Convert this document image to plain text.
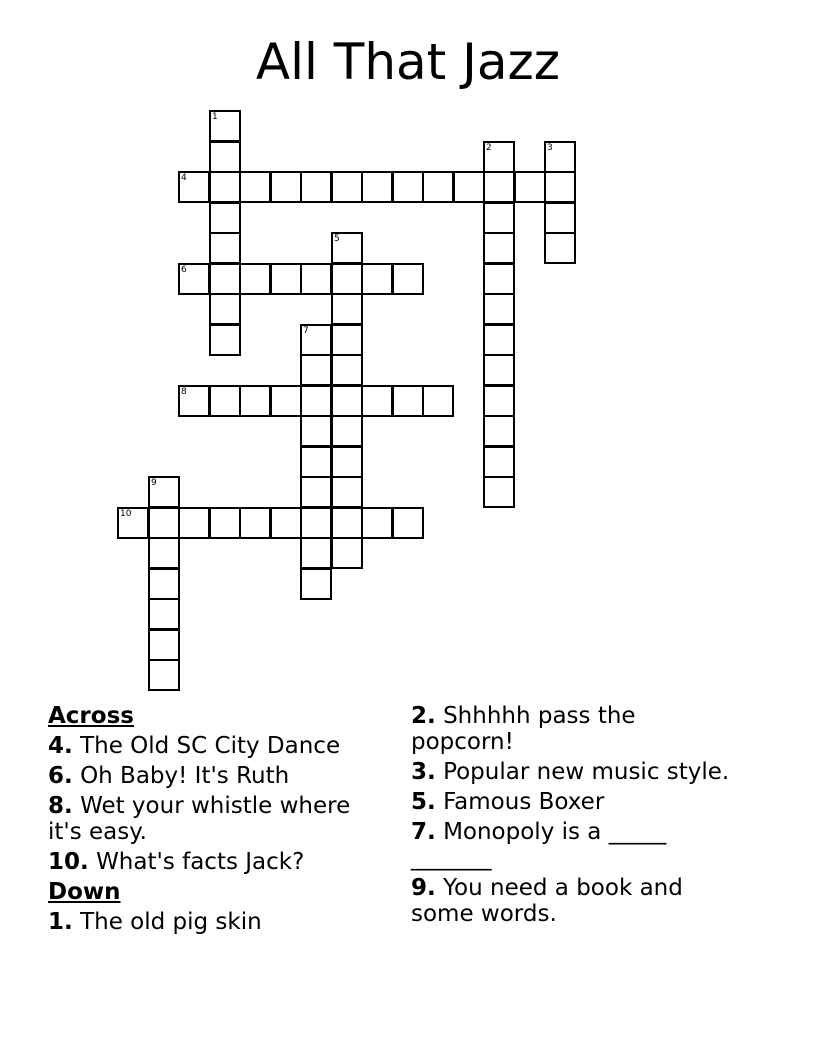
All That Jazz
1
2	3
4
5
6
7
8
9
10
Across
4. The Old SC City Dance
6. Oh Baby! It's Ruth
8. Wet your whistle where it's easy.
10. What's facts Jack?
Down
1. The old pig skin
2. Shhhhh pass the popcorn!
3. Popular new music style.
5. Famous Boxer
7. Monopoly is a _____ _______
9. You need a book and some words.
